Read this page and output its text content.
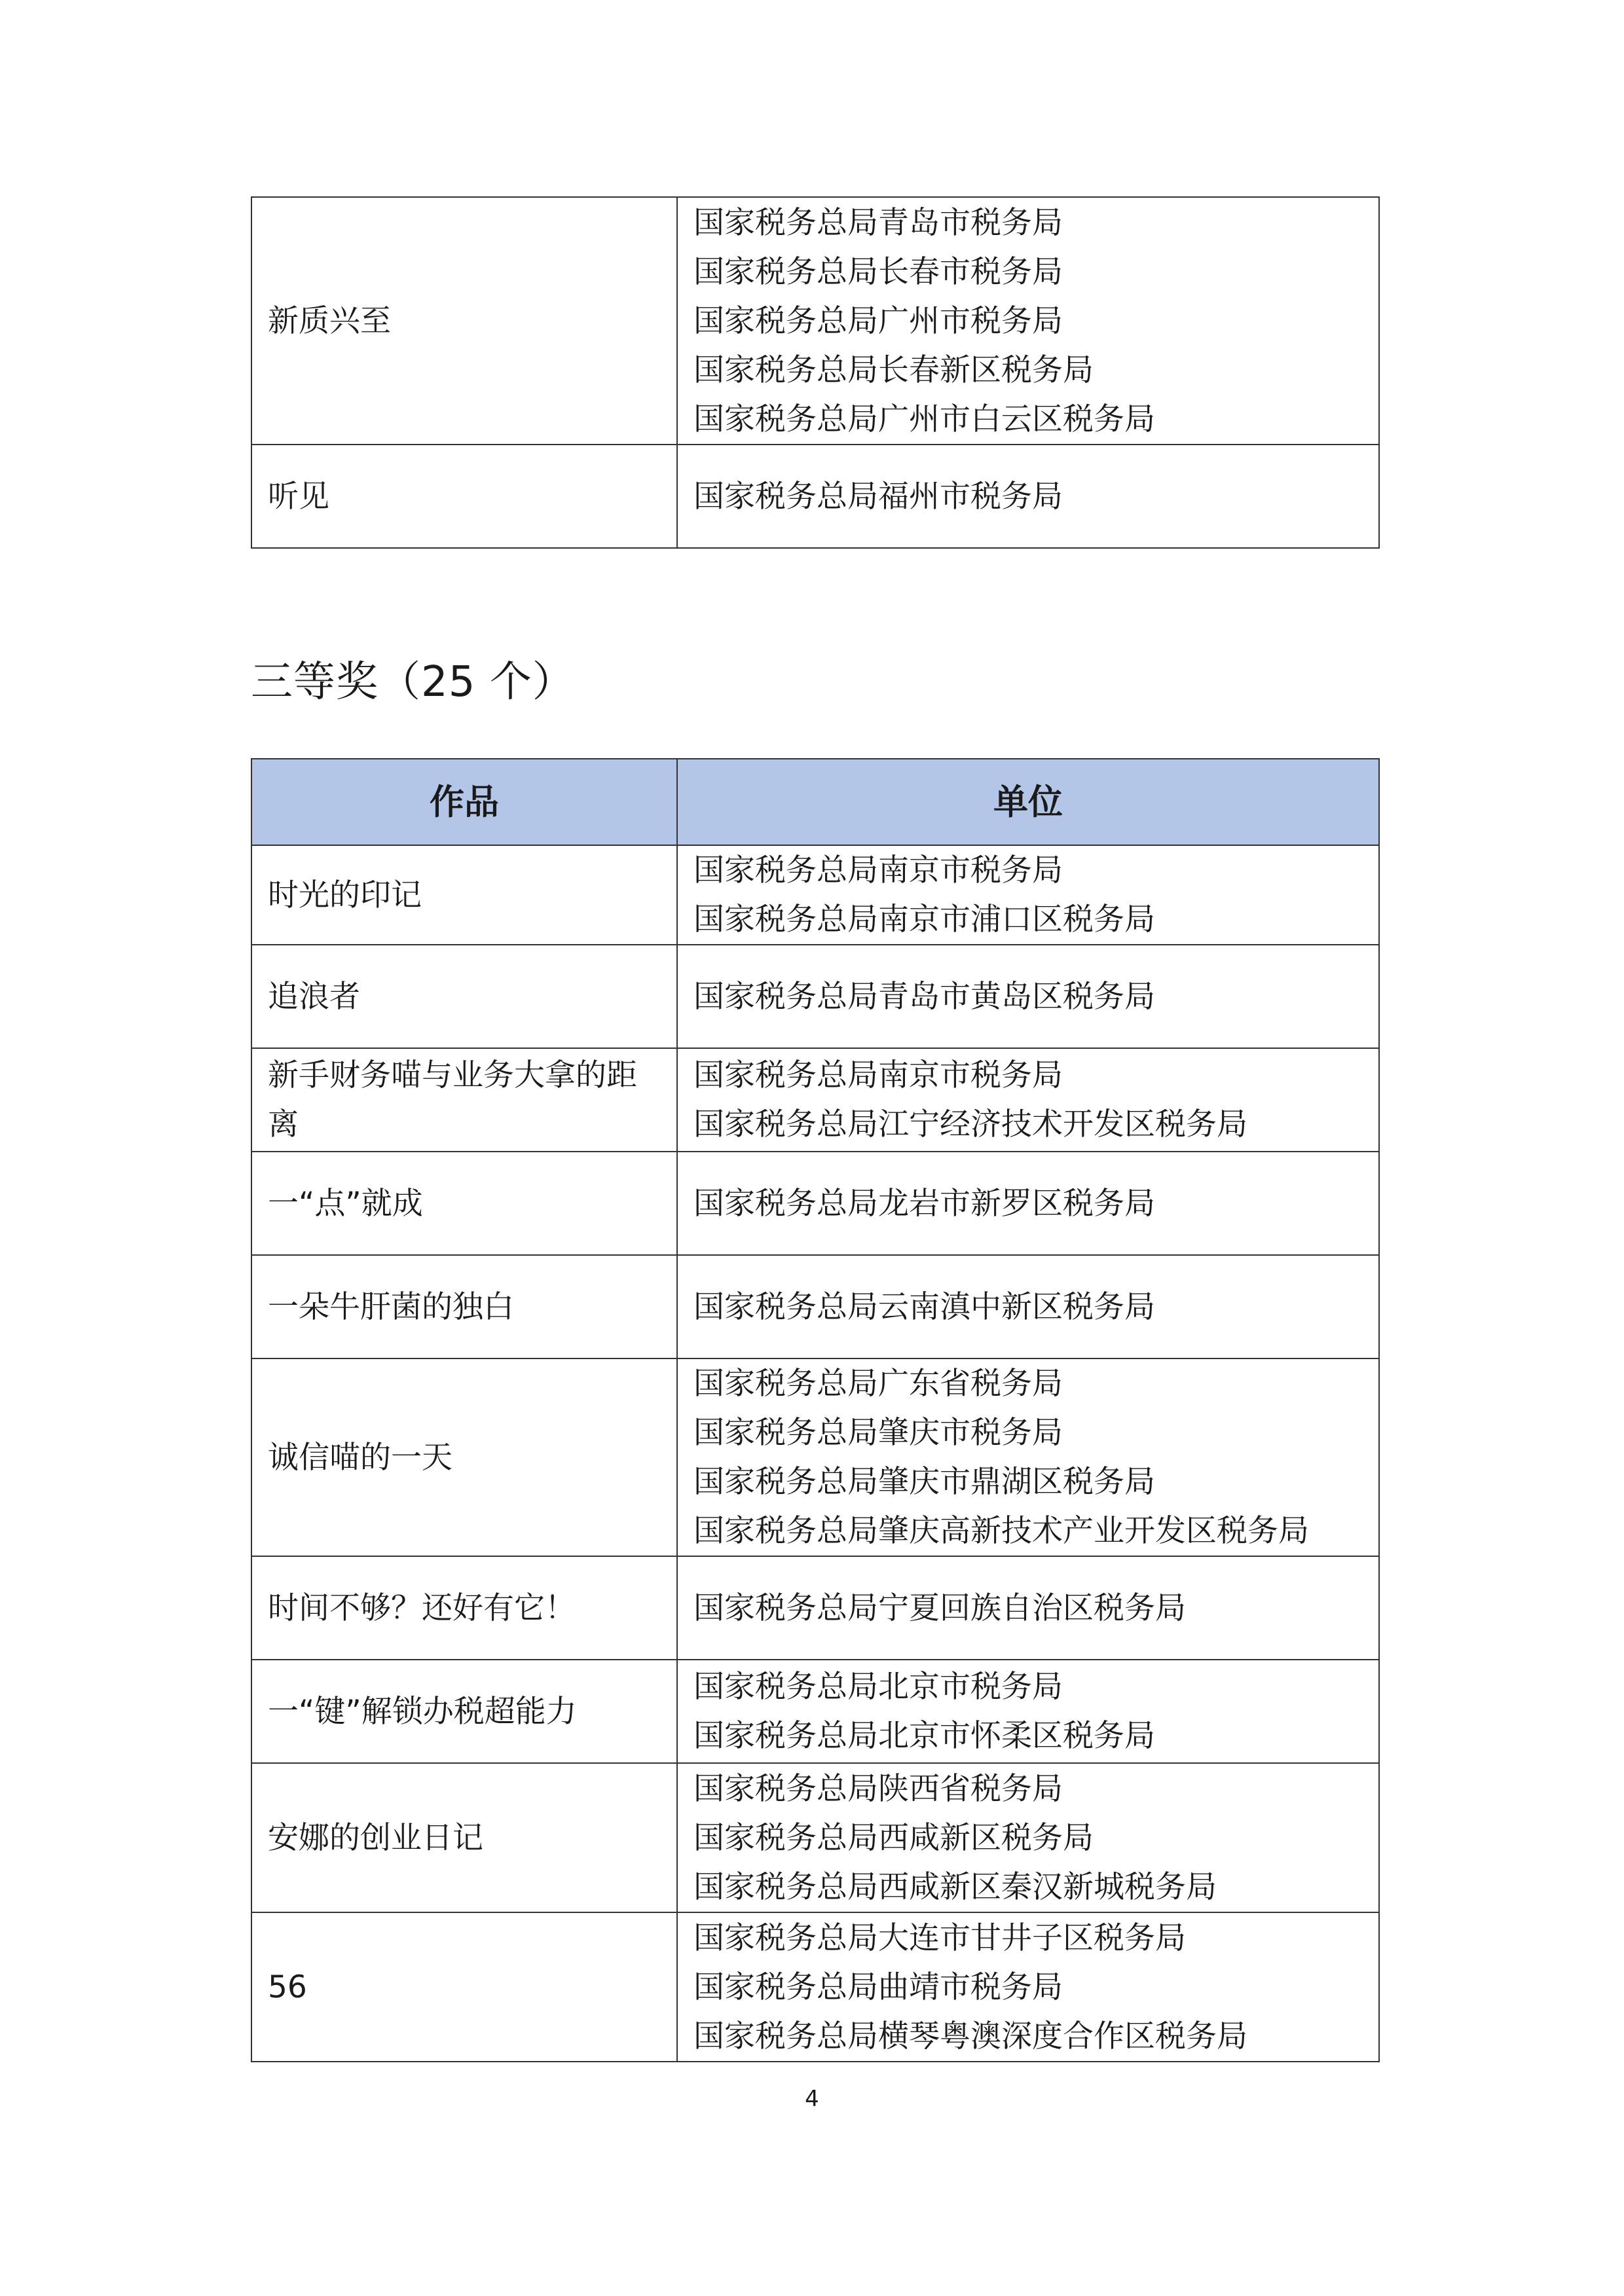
新质兴至	国家税务总局青岛市税务局
国家税务总局长春市税务局
国家税务总局广州市税务局
国家税务总局长春新区税务局
国家税务总局广州市白云区税务局

听见	国家税务总局福州市税务局
三等奖（25 个）
作品	单位
时光的印记	国家税务总局南京市税务局
国家税务总局南京市浦口区税务局

追浪者	国家税务总局青岛市黄岛区税务局

新手财务喵与业务大拿的距离	国家税务总局南京市税务局
国家税务总局江宁经济技术开发区税务局

一“点”就成	国家税务总局龙岩市新罗区税务局

一朵牛肝菌的独白	国家税务总局云南滇中新区税务局

诚信喵的一天	国家税务总局广东省税务局
国家税务总局肇庆市税务局
国家税务总局肇庆市鼎湖区税务局
国家税务总局肇庆高新技术产业开发区税务局

时间不够？还好有它！	国家税务总局宁夏回族自治区税务局

一“键”解锁办税超能力	国家税务总局北京市税务局
国家税务总局北京市怀柔区税务局

安娜的创业日记	国家税务总局陕西省税务局
国家税务总局西咸新区税务局
国家税务总局西咸新区秦汉新城税务局

56	国家税务总局大连市甘井子区税务局
国家税务总局曲靖市税务局
国家税务总局横琴粤澳深度合作区税务局
4
